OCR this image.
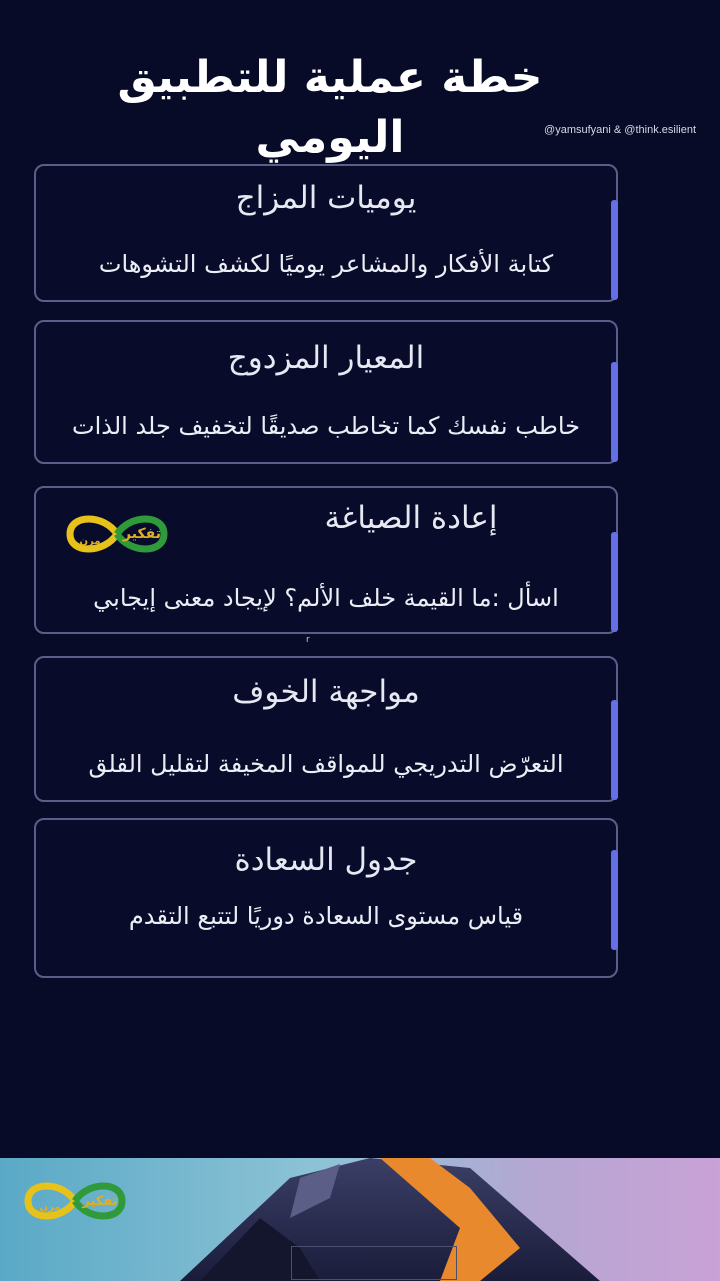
خطة عملية للتطبيق اليومي	@yamsufyani & @think.esilient
يوميات المزاج
كتابة الأفكار والمشاعر يوميًا لكشف التشوهات
المعيار المزدوج
خاطب نفسك كما تخاطب صديقًا لتخفيف جلد الذات
إعادة الصياغة
اسأل :ما القيمة خلف الألم؟ لإيجاد معنى إيجابي
تفكير
مرن
r
مواجهة الخوف
التعرّض التدريجي للمواقف المخيفة لتقليل القلق
جدول السعادة
قياس مستوى السعادة دوريًا لتتبع التقدم
تفكير
مرن
